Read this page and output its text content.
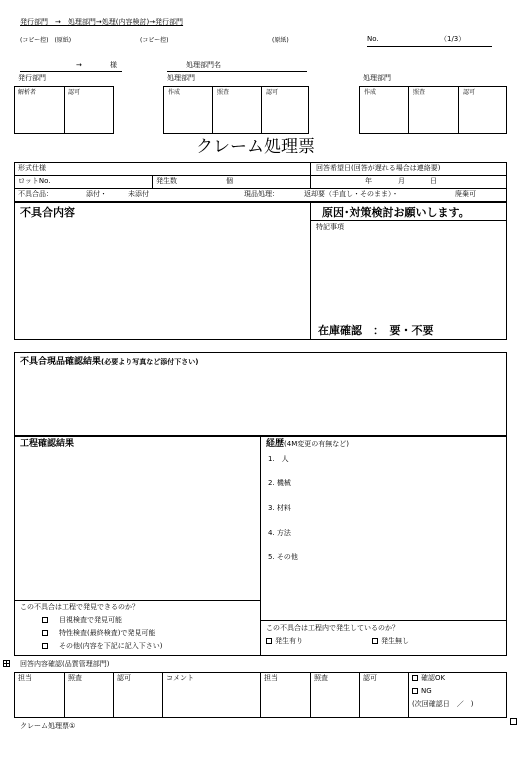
発行部門　→　処理部門→処理(内容検討)→発行部門
(コピー控)　(原紙)	(コピー控)	(原紙)	No.	（1/3）
→	様	処理部門名
発行部門
解析者	認可
処理部門
作成	照査	認可
処理部門
作成	照査	認可
クレーム処理票
形式仕様	回答希望日(回答が遅れる場合は連絡要)
ロットNo.	発生数	個	年	月	日
不具合品：	添付・	未添付	現品処理：	返却要（手直し・そのまま）・	廃棄可
不具合内容	原因･対策検討お願いします。
特記事項
在庫確認　：　要・不要
不具合現品確認結果(必要より写真など添付下さい)
工程確認結果	経歴(4M変更の有無など)
1.　人
2. 機械
3. 材料
4. 方法
5. その他
この不具合は工程で発見できるのか？
目視検査で発見可能
特性検査(最終検査)で発見可能
その他(内容を下記に記入下さい)
この不具合は工程内で発生しているのか？
発生有り	発生無し
回答内容確認(品質管理部門)
担当	照査	認可	コメント	担当	照査	認可	確認OK
NG
(次回確認日　／　)
クレーム処理票①
